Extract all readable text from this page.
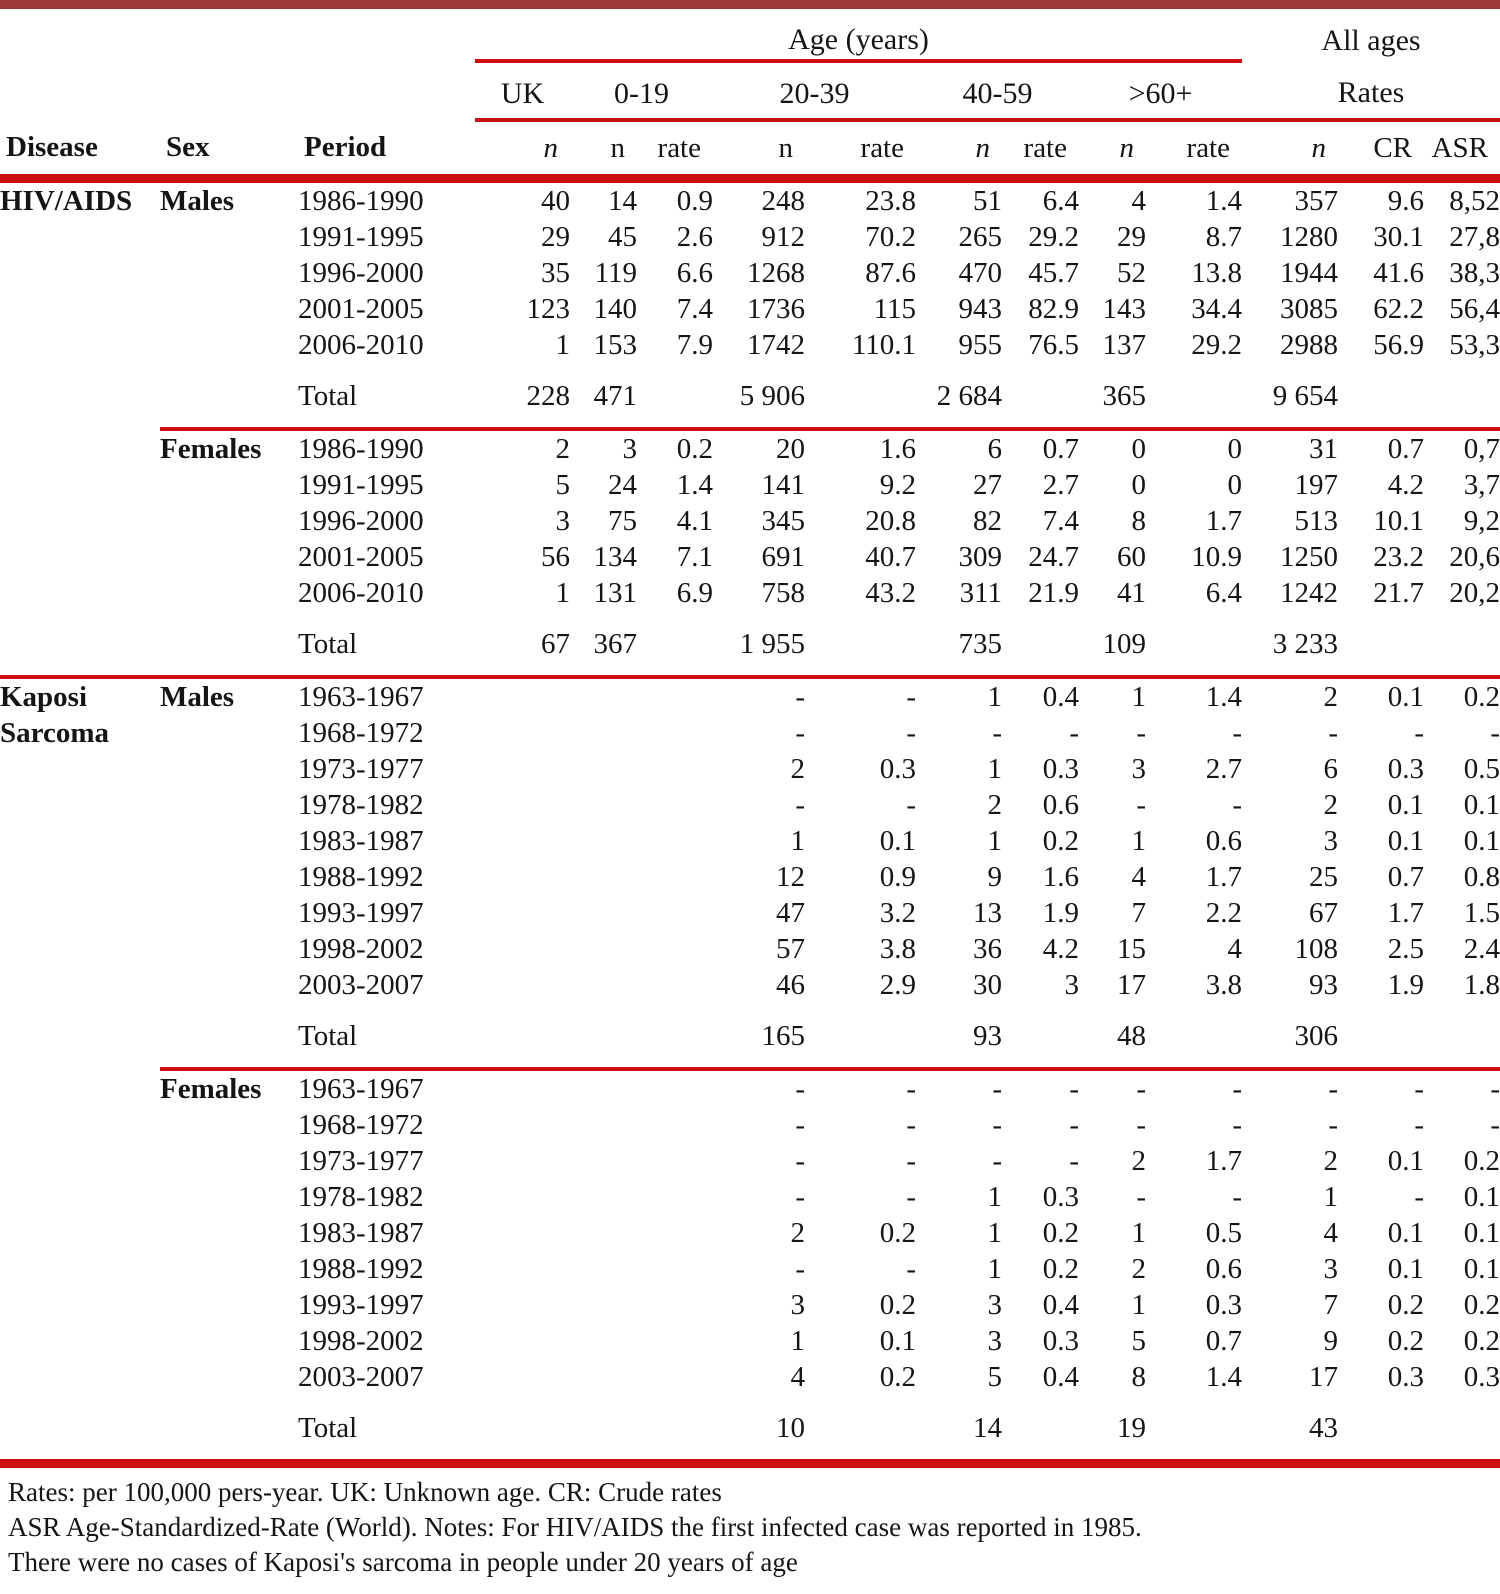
			Age (years)									All ages		
			UK	0-19		20-39		40-59		>60+		Rates		
Disease	Sex	Period	n	n	rate	n	rate	n	rate	n	rate	n	CR	ASR
HIV/AIDS	Males	1986-1990	40	14	0.9	248	23.8	51	6.4	4	1.4	357	9.6	8,52
		1991-1995	29	45	2.6	912	70.2	265	29.2	29	8.7	1280	30.1	27,8
		1996-2000	35	119	6.6	1268	87.6	470	45.7	52	13.8	1944	41.6	38,3
		2001-2005	123	140	7.4	1736	115	943	82.9	143	34.4	3085	62.2	56,4
		2006-2010	1	153	7.9	1742	110.1	955	76.5	137	29.2	2988	56.9	53,3
		Total	228	471	5 906		2 684		365		9 654			
	Females	1986-1990	2	3	0.2	20	1.6	6	0.7	0	0	31	0.7	0,7
		1991-1995	5	24	1.4	141	9.2	27	2.7	0	0	197	4.2	3,7
		1996-2000	3	75	4.1	345	20.8	82	7.4	8	1.7	513	10.1	9,2
		2001-2005	56	134	7.1	691	40.7	309	24.7	60	10.9	1250	23.2	20,6
		2006-2010	1	131	6.9	758	43.2	311	21.9	41	6.4	1242	21.7	20,2
		Total	67	367	1 955		735		109		3 233			
Kaposi	Males	1963-1967				-	-	1	0.4	1	1.4	2	0.1	0.2
Sarcoma		1968-1972				-	-	-	-	-	-	-	-	-
		1973-1977				2	0.3	1	0.3	3	2.7	6	0.3	0.5
		1978-1982				-	-	2	0.6	-	-	2	0.1	0.1
		1983-1987				1	0.1	1	0.2	1	0.6	3	0.1	0.1
		1988-1992				12	0.9	9	1.6	4	1.7	25	0.7	0.8
		1993-1997				47	3.2	13	1.9	7	2.2	67	1.7	1.5
		1998-2002				57	3.8	36	4.2	15	4	108	2.5	2.4
		2003-2007				46	2.9	30	3	17	3.8	93	1.9	1.8
		Total			165		93		48		306			
	Females	1963-1967				-	-	-	-	-	-	-	-	-
		1968-1972				-	-	-	-	-	-	-	-	-
		1973-1977				-	-	-	-	2	1.7	2	0.1	0.2
		1978-1982				-	-	1	0.3	-	-	1	-	0.1
		1983-1987				2	0.2	1	0.2	1	0.5	4	0.1	0.1
		1988-1992				-	-	1	0.2	2	0.6	3	0.1	0.1
		1993-1997				3	0.2	3	0.4	1	0.3	7	0.2	0.2
		1998-2002				1	0.1	3	0.3	5	0.7	9	0.2	0.2
		2003-2007				4	0.2	5	0.4	8	1.4	17	0.3	0.3
		Total			10		14		19		43			
Rates: per 100,000 pers-year. UK: Unknown age. CR: Crude rates
ASR Age-Standardized-Rate (World). Notes: For HIV/AIDS the first infected case was reported in 1985.
There were no cases of Kaposi's sarcoma in people under 20 years of age
